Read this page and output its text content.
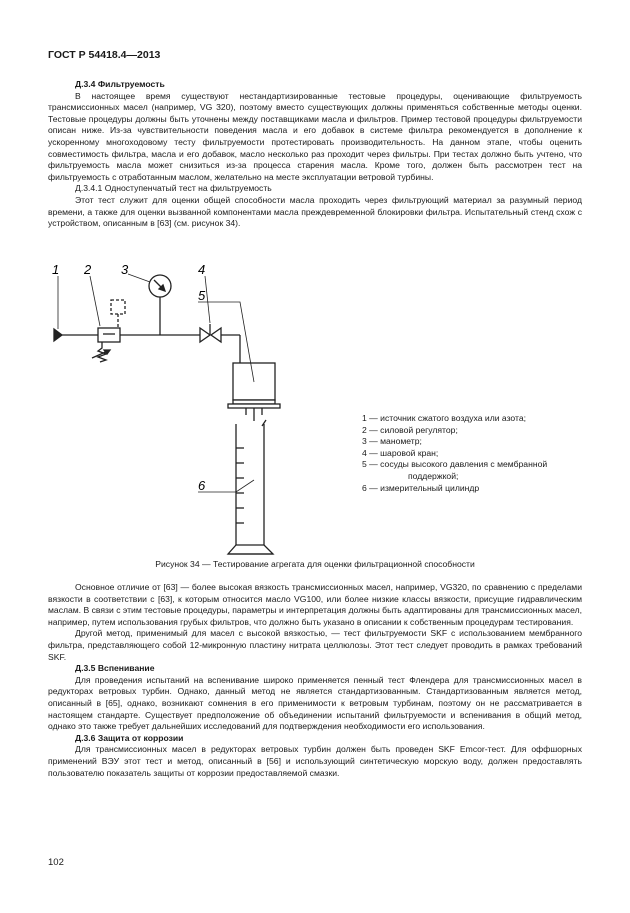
ГОСТ Р 54418.4—2013
Д.3.4 Фильтруемость

В настоящее время существуют нестандартизированные тестовые процедуры, оценивающие фильтруемость трансмиссионных масел (например, VG 320), поэтому вместо существующих должны применяться собственные методы оценки. Тестовые процедуры должны быть уточнены между поставщиками масла и фильтров. Пример тестовой процедуры фильтруемости описан ниже. Из-за чувствительности поведения масла и его добавок в системе фильтра рекомендуется в дополнение к ускоренному многоходовому тесту фильтруемости протестировать производительность. На данном этапе, чтобы оценить совместимость фильтра, масла и его добавок, масло несколько раз проходит через фильтры. При тестах должно быть учтено, что фильтруемость масла может снизиться из-за процесса старения масла. Кроме того, должен быть рассмотрен тест на фильтруемость с отработанным маслом, желательно на месте эксплуатации ветровой турбины.

Д.3.4.1 Одноступенчатый тест на фильтруемость

Этот тест служит для оценки общей способности масла проходить через фильтрующий материал за разумный период времени, а также для оценки вызванной компонентами масла преждевременной блокировки фильтра. Испытательный стенд схож с устройством, описанным в [63] (см. рисунок 34).

1 2 3	4
5
6
1 — источник сжатого воздуха или азота;
2 — силовой регулятор;
3 — манометр;
4 — шаровой кран;
5 — сосуды высокого давления с мембранной
поддержкой;
6 — измерительный цилиндр
Рисунок 34 — Тестирование агрегата для оценки фильтрационной способности

Основное отличие от [63] — более высокая вязкость трансмиссионных масел, например, VG320, по сравнению с пределами вязкости в соответствии с [63], к которым относится масло VG100, или более низкие классы вязкости, присущие гидравлическим маслам. В связи с этим тестовые процедуры, параметры и интерпретация должны быть адаптированы для трансмиссионных масел, например, путем использования грубых фильтров, что должно быть указано в описании к собственным процедурам тестирования.

Другой метод, применимый для масел с высокой вязкостью, — тест фильтруемости SKF с использованием мембранного фильтра, представляющего собой 12-микронную пластину нитрата целлюлозы. Этот тест следует проводить в рамках требований SKF.

Д.3.5 Вспенивание

Для проведения испытаний на вспенивание широко применяется пенный тест Флендера для трансмиссионных масел в редукторах ветровых турбин. Однако, данный метод не является стандартизованным. Стандартизованным является метод, описанный в [65], однако, возникают сомнения в его применимости к ветровым турбинам, поэтому он не рассматривается в настоящем стандарте. Существует предположение об объединении испытаний фильтруемости и вспенивания в общий метод, однако это также требует дальнейших исследований для подтверждения необходимости его использования.

Д.3.6 Защита от коррозии

Для трансмиссионных масел в редукторах ветровых турбин должен быть проведен SKF Emcor-тест. Для оффшорных применений ВЭУ этот тест и метод, описанный в [56] и использующий синтетическую морскую воду, должен предоставлять пользователю показатель защиты от коррозии предоставляемой смазки.

102
